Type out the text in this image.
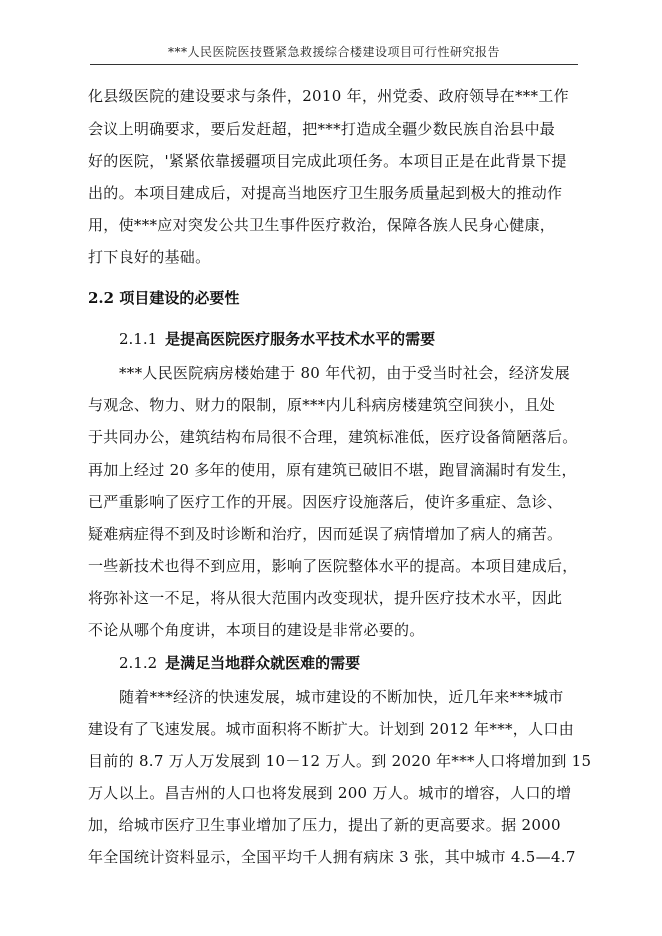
***人民医院医技暨紧急救援综合楼建设项目可行性研究报告
化县级医院的建设要求与条件，2010 年，州党委、政府领导在***工作
会议上明确要求，要后发赶超，把***打造成全疆少数民族自治县中最
好的医院，'紧紧依靠援疆项目完成此项任务。本项目正是在此背景下提
出的。本项目建成后，对提高当地医疗卫生服务质量起到极大的推动作
用，使***应对突发公共卫生事件医疗救治，保障各族人民身心健康，
打下良好的基础。
2.2 项目建设的必要性
2.1.1 是提高医院医疗服务水平技术水平的需要
***人民医院病房楼始建于 80 年代初，由于受当时社会，经济发展
与观念、物力、财力的限制，原***内儿科病房楼建筑空间狭小，且处
于共同办公，建筑结构布局很不合理，建筑标准低，医疗设备简陋落后。
再加上经过 20 多年的使用，原有建筑已破旧不堪，跑冒滴漏时有发生，
已严重影响了医疗工作的开展。因医疗设施落后，使许多重症、急诊、
疑难病症得不到及时诊断和治疗，因而延误了病情增加了病人的痛苦。
一些新技术也得不到应用，影响了医院整体水平的提高。本项目建成后，
将弥补这一不足，将从很大范围内改变现状，提升医疗技术水平，因此
不论从哪个角度讲，本项目的建设是非常必要的。
2.1.2 是满足当地群众就医难的需要
随着***经济的快速发展，城市建设的不断加快，近几年来***城市
建设有了飞速发展。城市面积将不断扩大。计划到 2012 年***，人口由
目前的 8.7 万人万发展到 10－12 万人。到 2020 年***人口将增加到 15
万人以上。昌吉州的人口也将发展到 200 万人。城市的增容，人口的增
加，给城市医疗卫生事业增加了压力，提出了新的更高要求。据 2000
年全国统计资料显示，全国平均千人拥有病床 3 张，其中城市 4.5—4.7
